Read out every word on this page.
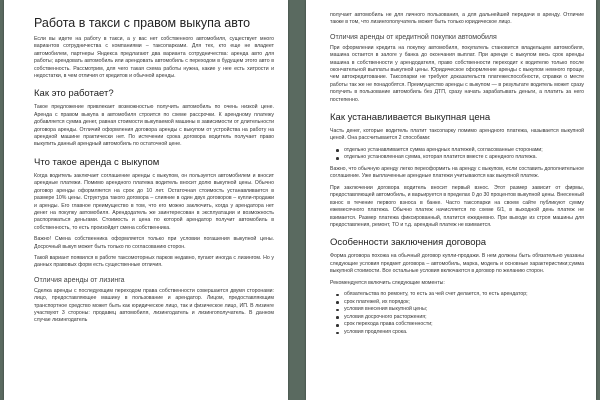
Работа в такси с правом выкупа авто
Если вы идете на работу в такси, а у вас нет собственного автомобиля, существует много вариантов сотрудничества с компаниями – таксопарками. Для тех, кто еще не владеет автомобилем, партнеры Яндекса предлагают два варианта сотрудничества: аренда авто для работы; арендовать автомобиль или арендовать автомобиль с переходом в будущем этого авто в собственность. Рассмотрим, для чего такая схема работы нужна, какие у нее есть хитрости и недостатки, в чем отличия от кредитов и обычной аренды.
Как это работает?
Такое предложение привлекает возможностью получить автомобиль по очень низкой цене. Аренда с правом выкупа в автомобиля строится по схеме рассрочки. К арендному платежу добавляется сумма денег, равная стоимости выкупаемой машины в зависимости от длительности договора аренды. Отличий оформления договора аренды с выкупом от устройства на работу на арендной машине практически нет. По истечении срока договора водитель получает право выкупить данный арендный автомобиль по остаточной цене.
Что такое аренда с выкупом
Когда водитель заключает соглашение аренды с выкупом, он пользуется автомобилем и вносит арендные платежи. Помимо арендного платежа водитель вносит долю выкупной цены. Обычно договор аренды оформляется на срок до 10 лет. Остаточная стоимость устанавливается в размере 10% цены. Структура такого договора – слияние в один двух договоров – купли-продажи и аренды. Его главное преимущество в том, что его можно заключить, когда у арендатора нет денег на покупку автомобиля. Арендодатель же заинтересован в эксплуатации и возможность распоряжаться деньгами. Стоимость и цена по которой арендатор получит автомобиль в собственность, то есть произойдет смена собственника.
Важно! Смена собственника оформляется только при условии погашения выкупной цены. Досрочный выкуп может быть только по согласованию сторон.
Такой вариант появился в работе таксомоторных парков недавно, пугают иногда с лизингом. Но у данных правовых форм есть существенные отличия.
Отличия аренды от лизинга
Сделка аренды с последующим переходом права собственности совершается двумя сторонами: лицо, предоставляющее машину в пользование и арендатор. Лицом, предоставляющим транспортное средство может быть как юридическое лицо, так и физическое лицо, ИП. В лизинге участвуют 3 стороны: продавец автомобиля, лизингодатель и лизингополучатель. В данном случае лизингодатель
получает автомобиль не для личного пользования, а для дальнейшей передачи в аренду. Отличие также в том, что лизингополучатель может быть только юридическое лицо.
Отличия аренды от кредитной покупки автомобиля
При оформлении кредита на покупку автомобиля, покупатель становится владельцем автомобиля, машина остается в залоге у банка до окончания выплат. При аренде с выкупом весь срок аренды машина в собственности у арендодателя, право собственности переходит к водителю только после окончательной выплаты выкупной цены. Юридическое оформление аренды с выкупом немного проще, чем автокредитование. Таксопарки не требуют доказательств платежеспособности, справки о месте работы так же не понадобятся. Преимущество аренды с выкупом — в результате водитель может сразу получить в пользование автомобиль без ДТП, сразу начать зарабатывать деньги, а платить за него постепенно.
Как устанавливается выкупная цена
Часть денег, которые водитель платит таксопарку помимо арендного платежа, называется выкупной ценой. Она рассчитывается 2 способами:
отдельно устанавливается сумма арендных платежей, согласованные сторонами;
отдельно установленная сумма, которая платится вместе с арендного платежа.
Важно, что обычную аренду легко переоформить на аренду с выкупом, если составить дополнительное соглашение. Уже выплаченные арендные платежи учитываются как выкупной платеж.
При заключении договора водитель вносит первый взнос. Этот размер зависит от фирмы, предоставляющей автомобиль, и варьируется в пределах 0 до 30 процентов выкупной цены. Внесенный взнос в течение первого взноса в банке. Часто таксопарки на своем сайте публикуют сумму ежемесячного платежа. Обычно платеж начисляется по схеме 6/1, в выходной день платеж не взимается. Размер платежа фиксированный, платится ежедневно. При выходе из строя машины для предоставления, ремонт, ТО и т.д. арендный платеж не взимается.
Особенности заключения договора
Форма договора похожа на обычный договор купли-продажи. В нем должны быть обязательно указаны следующие условия предмет договора – автомобиль, марка, модель и основные характеристики;сумма выкупной стоимости. Все остальные условия включаются в договор по желанию сторон.
Рекомендуется включить следующие моменты:
обязательства по ремонту, то есть за чей счет делается, то есть арендатор;
срок платежей, их порядок;
условия внесения выкупной цены;
условия досрочного расторжения;
срок перехода права собственности;
условия продления срока.
